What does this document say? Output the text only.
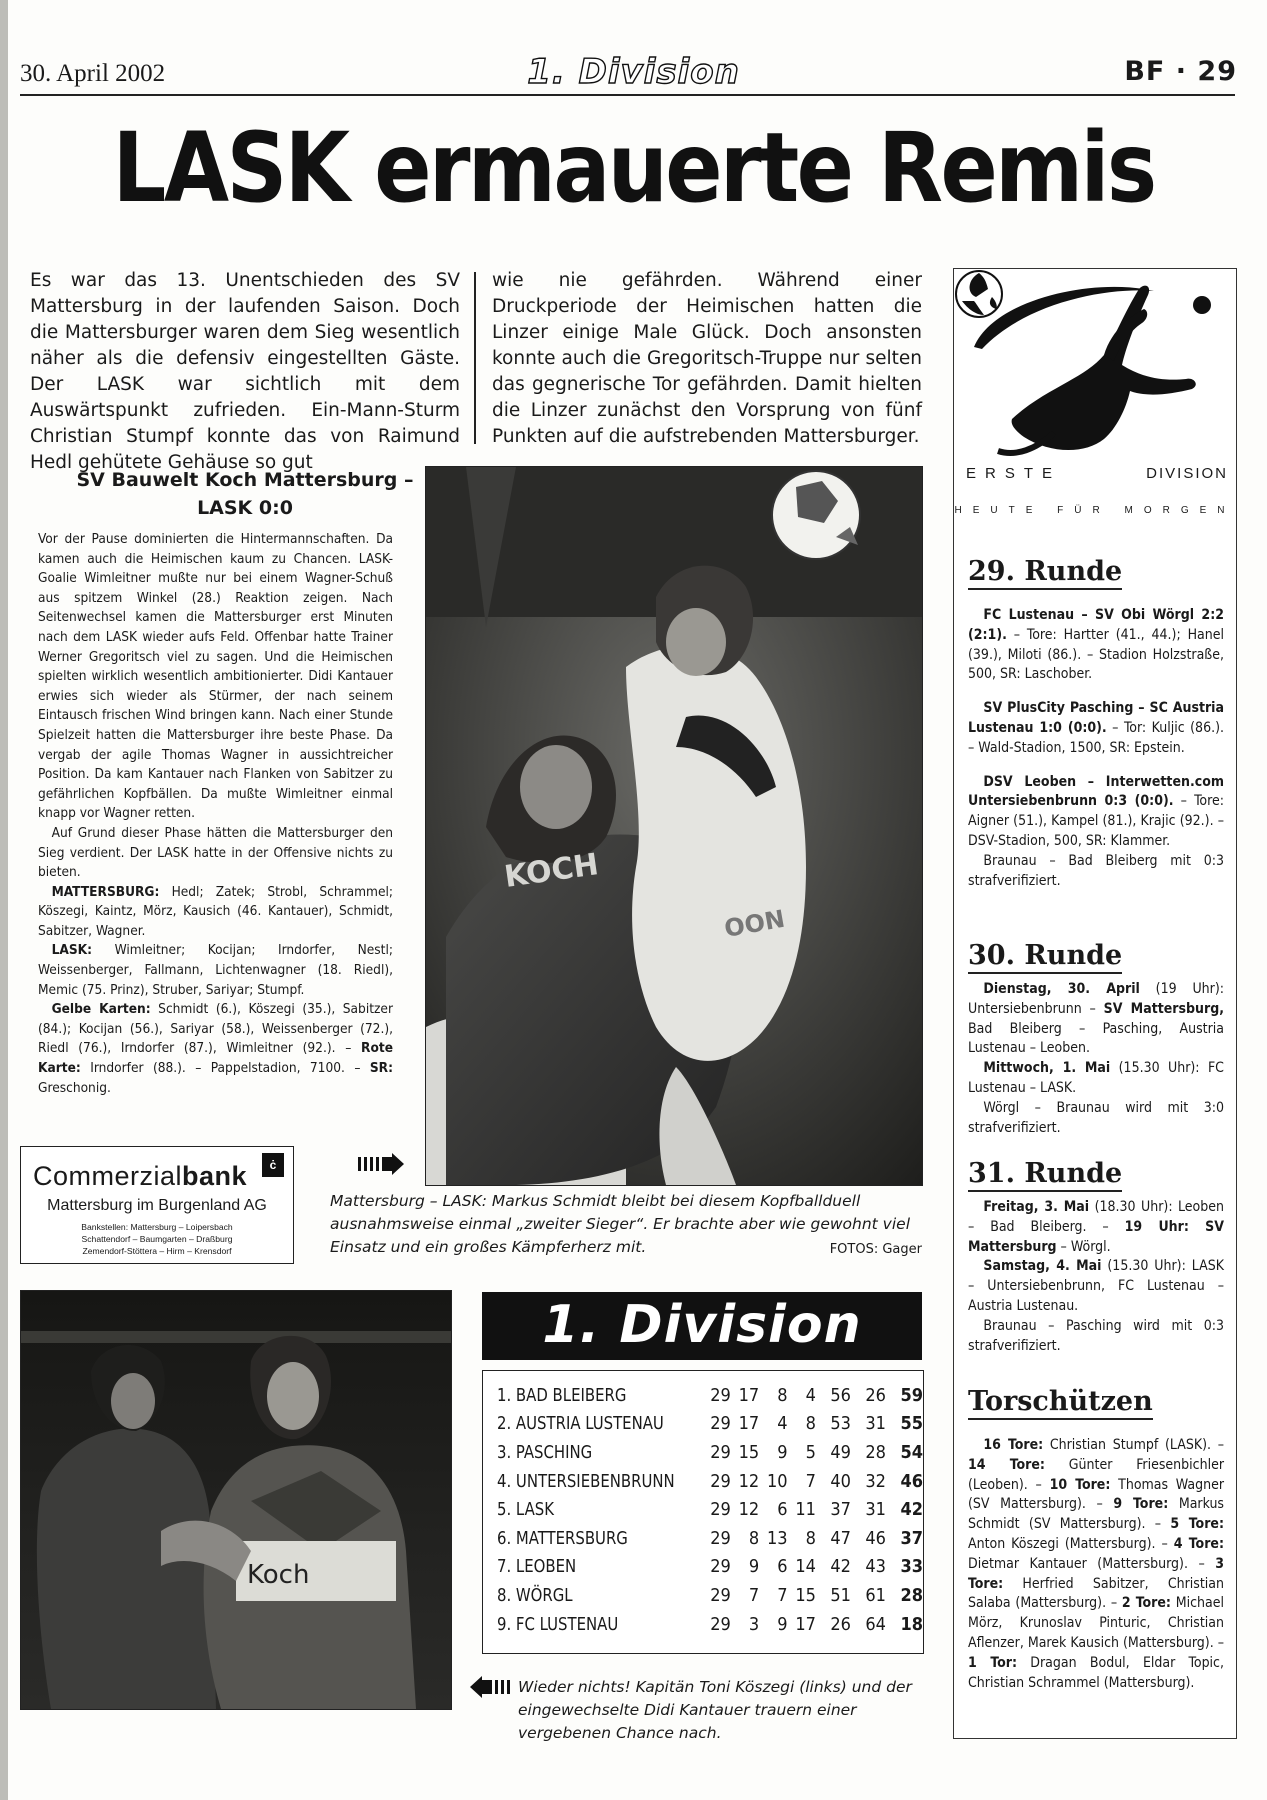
30. April 2002	1. Division	BF · 29
LASK ermauerte Remis
Es war das 13. Unentschieden des SV Mattersburg in der laufenden Saison. Doch die Mattersburger waren dem Sieg wesentlich näher als die defensiv eingestellten Gäste. Der LASK war sichtlich mit dem Auswärtspunkt zufrieden. Ein-Mann-Sturm Christian Stumpf konnte das von Raimund Hedl gehütete Gehäuse so gut
wie nie gefährden. Während einer Druckperiode der Heimischen hatten die Linzer einige Male Glück. Doch ansonsten konnte auch die Gregoritsch-Truppe nur selten das gegnerische Tor gefährden. Damit hielten die Linzer zunächst den Vorsprung von fünf Punkten auf die aufstrebenden Mattersburger.
ERSTE	DIVISION
HEUTE FÜR MORGEN
SV Bauwelt Koch Mattersburg –
LASK 0:0

Vor der Pause dominierten die Hintermannschaften. Da kamen auch die Heimischen kaum zu Chancen. LASK-Goalie Wimleitner mußte nur bei einem Wagner-Schuß aus spitzem Winkel (28.) Reaktion zeigen. Nach Seitenwechsel kamen die Mattersburger erst Minuten nach dem LASK wieder aufs Feld. Offenbar hatte Trainer Werner Gregoritsch viel zu sagen. Und die Heimischen spielten wirklich wesentlich ambitionierter. Didi Kantauer erwies sich wieder als Stürmer, der nach seinem Eintausch frischen Wind bringen kann. Nach einer Stunde Spielzeit hatten die Mattersburger ihre beste Phase. Da vergab der agile Thomas Wagner in aussichtreicher Position. Da kam Kantauer nach Flanken von Sabitzer zu gefährlichen Kopfbällen. Da mußte Wimleitner einmal knapp vor Wagner retten.

Auf Grund dieser Phase hätten die Mattersburger den Sieg verdient. Der LASK hatte in der Offensive nichts zu bieten.

MATTERSBURG: Hedl; Zatek; Strobl, Schrammel; Köszegi, Kaintz, Mörz, Kausich (46. Kantauer), Schmidt, Sabitzer, Wagner.

LASK: Wimleitner; Kocijan; Irndorfer, Nestl; Weissenberger, Fallmann, Lichtenwagner (18. Riedl), Memic (75. Prinz), Struber, Sariyar; Stumpf.

Gelbe Karten: Schmidt (6.), Köszegi (35.), Sabitzer (84.); Kocijan (56.), Sariyar (58.), Weissenberger (72.), Riedl (76.), Irndorfer (87.), Wimleitner (92.). – Rote Karte: Irndorfer (88.). – Pappelstadion, 7100. – SR: Greschonig.

KOCH
OON
Commerzialbank	ċ
Mattersburg im Burgenland AG
Bankstellen: Mattersburg – Loipersbach
Schattendorf – Baumgarten – Draßburg
Zemendorf-Stöttera – Hirm – Krensdorf
Mattersburg – LASK: Markus Schmidt bleibt bei diesem Kopfballduell ausnahmsweise einmal „zweiter Sieger“. Er brachte aber wie gewohnt viel Einsatz und ein großes Kämpferherz mit.	FOTOS: Gager
Koch
1. Division
1. BAD BLEIBERG	29	17	8	4	56	26	59
2. AUSTRIA LUSTENAU	29	17	4	8	53	31	55
3. PASCHING	29	15	9	5	49	28	54
4. UNTERSIEBENBRUNN	29	12	10	7	40	32	46
5. LASK	29	12	6	11	37	31	42
6. MATTERSBURG	29	8	13	8	47	46	37
7. LEOBEN	29	9	6	14	42	43	33
8. WÖRGL	29	7	7	15	51	61	28
9. FC LUSTENAU	29	3	9	17	26	64	18
Wieder nichts! Kapitän Toni Köszegi (links) und der eingewechselte Didi Kantauer trauern einer vergebenen Chance nach.
29. Runde

FC Lustenau – SV Obi Wörgl 2:2 (2:1). – Tore: Hartter (41., 44.); Hanel (39.), Miloti (86.). – Stadion Holzstraße, 500, SR: Laschober.

SV PlusCity Pasching – SC Austria Lustenau 1:0 (0:0). – Tor: Kuljic (86.). – Wald-Stadion, 1500, SR: Epstein.

DSV Leoben – Interwetten.com Untersiebenbrunn 0:3 (0:0). – Tore: Aigner (51.), Kampel (81.), Krajic (92.). – DSV-Stadion, 500, SR: Klammer.

Braunau – Bad Bleiberg mit 0:3 strafverifiziert.

30. Runde

Dienstag, 30. April (19 Uhr): Untersiebenbrunn – SV Mattersburg, Bad Bleiberg – Pasching, Austria Lustenau – Leoben.

Mittwoch, 1. Mai (15.30 Uhr): FC Lustenau – LASK.

Wörgl – Braunau wird mit 3:0 strafverifiziert.

31. Runde

Freitag, 3. Mai (18.30 Uhr): Leoben – Bad Bleiberg. – 19 Uhr: SV Mattersburg – Wörgl.

Samstag, 4. Mai (15.30 Uhr): LASK – Untersiebenbrunn, FC Lustenau – Austria Lustenau.

Braunau – Pasching wird mit 0:3 strafverifiziert.

Torschützen

16 Tore: Christian Stumpf (LASK). – 14 Tore: Günter Friesenbichler (Leoben). – 10 Tore: Thomas Wagner (SV Mattersburg). – 9 Tore: Markus Schmidt (SV Mattersburg). – 5 Tore: Anton Köszegi (Mattersburg). – 4 Tore: Dietmar Kantauer (Mattersburg). – 3 Tore: Herfried Sabitzer, Christian Salaba (Mattersburg). – 2 Tore: Michael Mörz, Krunoslav Pinturic, Christian Aflenzer, Marek Kausich (Mattersburg). – 1 Tor: Dragan Bodul, Eldar Topic, Christian Schrammel (Mattersburg).
